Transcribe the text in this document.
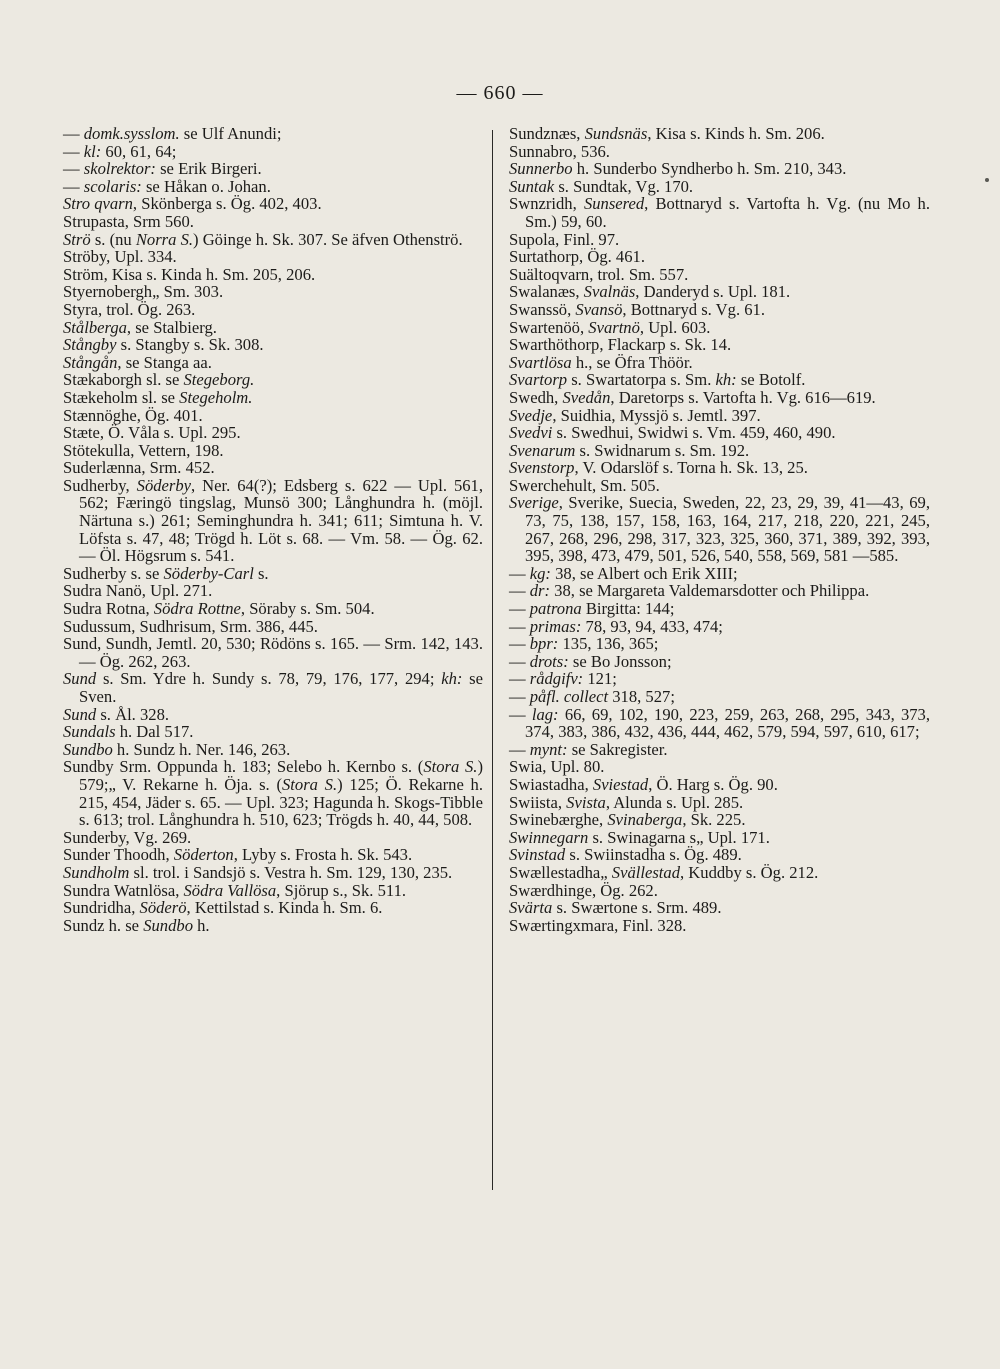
— 660 —

— domk.sysslom. se Ulf Anundi;

— kl: 60, 61, 64;

— skolrektor: se Erik Birgeri.

— scolaris: se Håkan o. Johan.

Stro qvarn, Skönberga s. Ög. 402, 403.

Strupasta, Srm 560.

Strö s. (nu Norra S.) Göinge h. Sk. 307. Se äfven Othenströ.

Ströby, Upl. 334.

Ström, Kisa s. Kinda h. Sm. 205, 206.

Styernobergh„ Sm. 303.

Styra, trol. Ög. 263.

Stålberga, se Stalbierg.

Stångby s. Stangby s. Sk. 308.

Stångån, se Stanga aa.

Stækaborgh sl. se Stegeborg.

Stækeholm sl. se Stegeholm.

Stænnöghe, Ög. 401.

Stæte, Ö. Våla s. Upl. 295.

Stötekulla, Vettern, 198.

Suderlænna, Srm. 452.

Sudherby, Söderby, Ner. 64(?); Edsberg s. 622 — Upl. 561, 562; Færingö tingslag, Munsö 300; Långhundra h. (möjl. Närtuna s.) 261; Seminghundra h. 341; 611; Simtuna h. V. Löfsta s. 47, 48; Trögd h. Löt s. 68. — Vm. 58. — Ög. 62. — Öl. Högsrum s. 541.

Sudherby s. se Söderby-Carl s.

Sudra Nanö, Upl. 271.

Sudra Rotna, Södra Rottne, Söraby s. Sm. 504.

Sudussum, Sudhrisum, Srm. 386, 445.

Sund, Sundh, Jemtl. 20, 530; Rödöns s. 165. — Srm. 142, 143. — Ög. 262, 263.

Sund s. Sm. Ydre h. Sundy s. 78, 79, 176, 177, 294; kh: se Sven.

Sund s. Ål. 328.

Sundals h. Dal 517.

Sundbo h. Sundz h. Ner. 146, 263.

Sundby Srm. Oppunda h. 183; Selebo h. Kernbo s. (Stora S.) 579;„ V. Rekarne h. Öja. s. (Stora S.) 125; Ö. Rekarne h. 215, 454, Jäder s. 65. — Upl. 323; Hagunda h. Skogs-Tibble s. 613; trol. Långhundra h. 510, 623; Trögds h. 40, 44, 508.

Sunderby, Vg. 269.

Sunder Thoodh, Söderton, Lyby s. Frosta h. Sk. 543.

Sundholm sl. trol. i Sandsjö s. Vestra h. Sm. 129, 130, 235.

Sundra Watnlösa, Södra Vallösa, Sjörup s., Sk. 511.

Sundridha, Söderö, Kettilstad s. Kinda h. Sm. 6.

Sundz h. se Sundbo h.

Sundznæs, Sundsnäs, Kisa s. Kinds h. Sm. 206.

Sunnabro, 536.

Sunnerbo h. Sunderbo Syndherbo h. Sm. 210, 343.

Suntak s. Sundtak, Vg. 170.

Swnzridh, Sunsered, Bottnaryd s. Vartofta h. Vg. (nu Mo h. Sm.) 59, 60.

Supola, Finl. 97.

Surtathorp, Ög. 461.

Suältoqvarn, trol. Sm. 557.

Swalanæs, Svalnäs, Danderyd s. Upl. 181.

Swanssö, Svansö, Bottnaryd s. Vg. 61.

Swartenöö, Svartnö, Upl. 603.

Swarthöthorp, Flackarp s. Sk. 14.

Svartlösa h., se Öfra Thöör.

Svartorp s. Swartatorpa s. Sm. kh: se Botolf.

Swedh, Svedån, Daretorps s. Vartofta h. Vg. 616—619.

Svedje, Suidhia, Myssjö s. Jemtl. 397.

Svedvi s. Swedhui, Swidwi s. Vm. 459, 460, 490.

Svenarum s. Swidnarum s. Sm. 192.

Svenstorp, V. Odarslöf s. Torna h. Sk. 13, 25.

Swerchehult, Sm. 505.

Sverige, Sverike, Suecia, Sweden, 22, 23, 29, 39, 41—43, 69, 73, 75, 138, 157, 158, 163, 164, 217, 218, 220, 221, 245, 267, 268, 296, 298, 317, 323, 325, 360, 371, 389, 392, 393, 395, 398, 473, 479, 501, 526, 540, 558, 569, 581 —585.

— kg: 38, se Albert och Erik XIII;

— dr: 38, se Margareta Valdemarsdotter och Philippa.

— patrona Birgitta: 144;

— primas: 78, 93, 94, 433, 474;

— bpr: 135, 136, 365;

— drots: se Bo Jonsson;

— rådgifv: 121;

— påfl. collect 318, 527;

— lag: 66, 69, 102, 190, 223, 259, 263, 268, 295, 343, 373, 374, 383, 386, 432, 436, 444, 462, 579, 594, 597, 610, 617;

— mynt: se Sakregister.

Swia, Upl. 80.

Swiastadha, Sviestad, Ö. Harg s. Ög. 90.

Swiista, Svista, Alunda s. Upl. 285.

Swinebærghe, Svinaberga, Sk. 225.

Swinnegarn s. Swinagarna s„ Upl. 171.

Svinstad s. Swiinstadha s. Ög. 489.

Swællestadha„ Svällestad, Kuddby s. Ög. 212.

Swærdhinge, Ög. 262.

Svärta s. Swærtone s. Srm. 489.

Swærtingxmara, Finl. 328.
